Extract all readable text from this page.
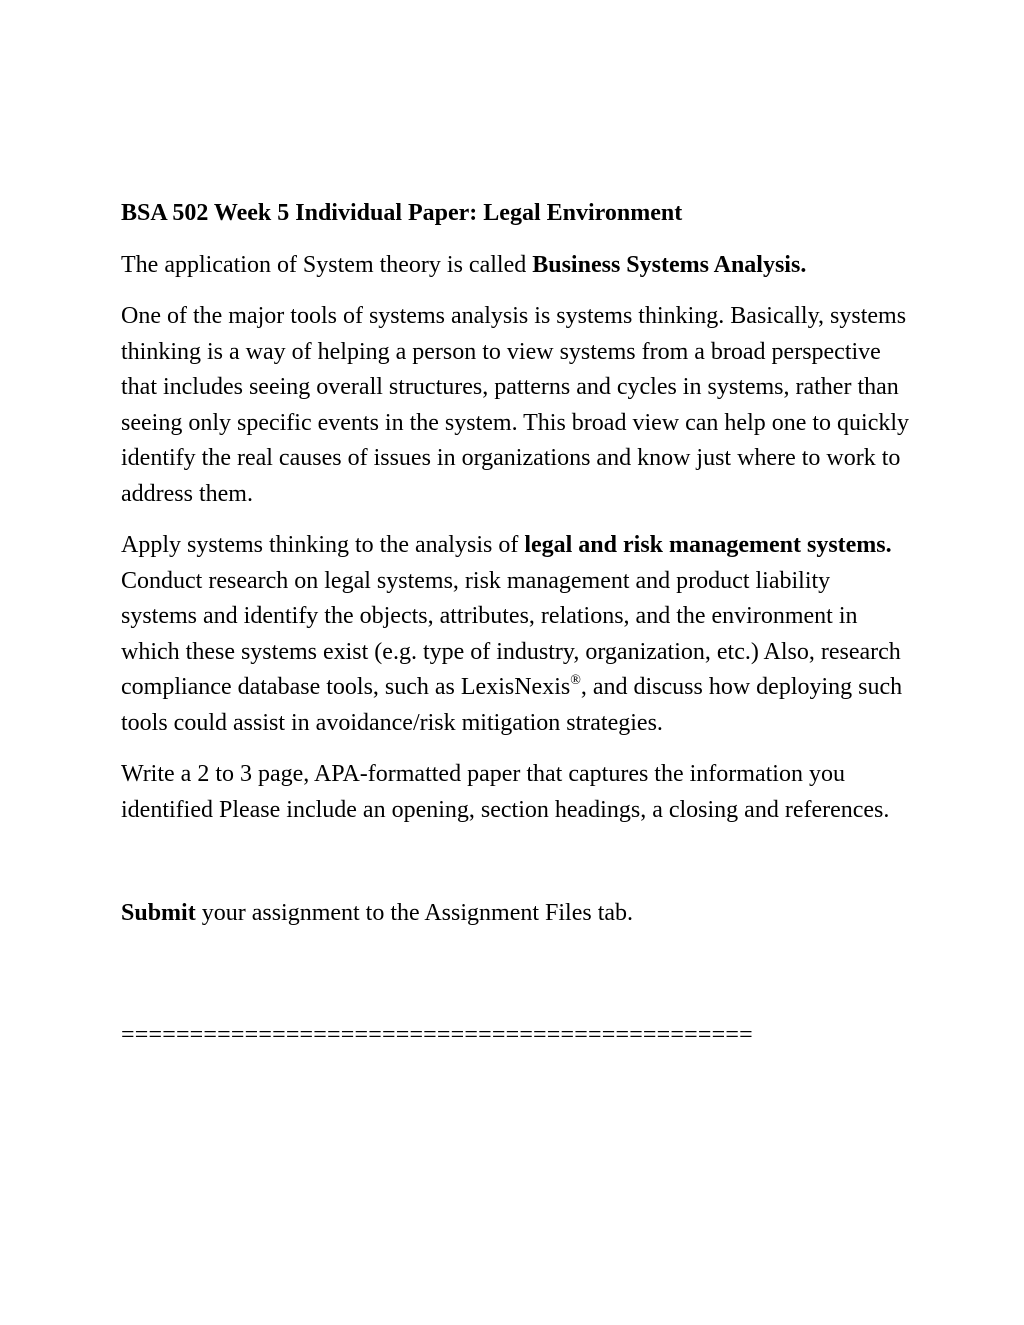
BSA 502 Week 5 Individual Paper: Legal Environment

The application of System theory is called Business Systems Analysis.

One of the major tools of systems analysis is systems thinking. Basically, systems thinking is a way of helping a person to view systems from a broad perspective that includes seeing overall structures, patterns and cycles in systems, rather than seeing only specific events in the system. This broad view can help one to quickly identify the real causes of issues in organizations and know just where to work to address them.

Apply systems thinking to the analysis of legal and risk management systems. Conduct research on legal systems, risk management and product liability systems and identify the objects, attributes, relations, and the environment in which these systems exist (e.g. type of industry, organization, etc.) Also, research compliance database tools, such as LexisNexis®, and discuss how deploying such tools could assist in avoidance/risk mitigation strategies.

Write a 2 to 3 page, APA-formatted paper that captures the information you identified Please include an opening, section headings, a closing and references.

Submit your assignment to the Assignment Files tab.

==============================================
